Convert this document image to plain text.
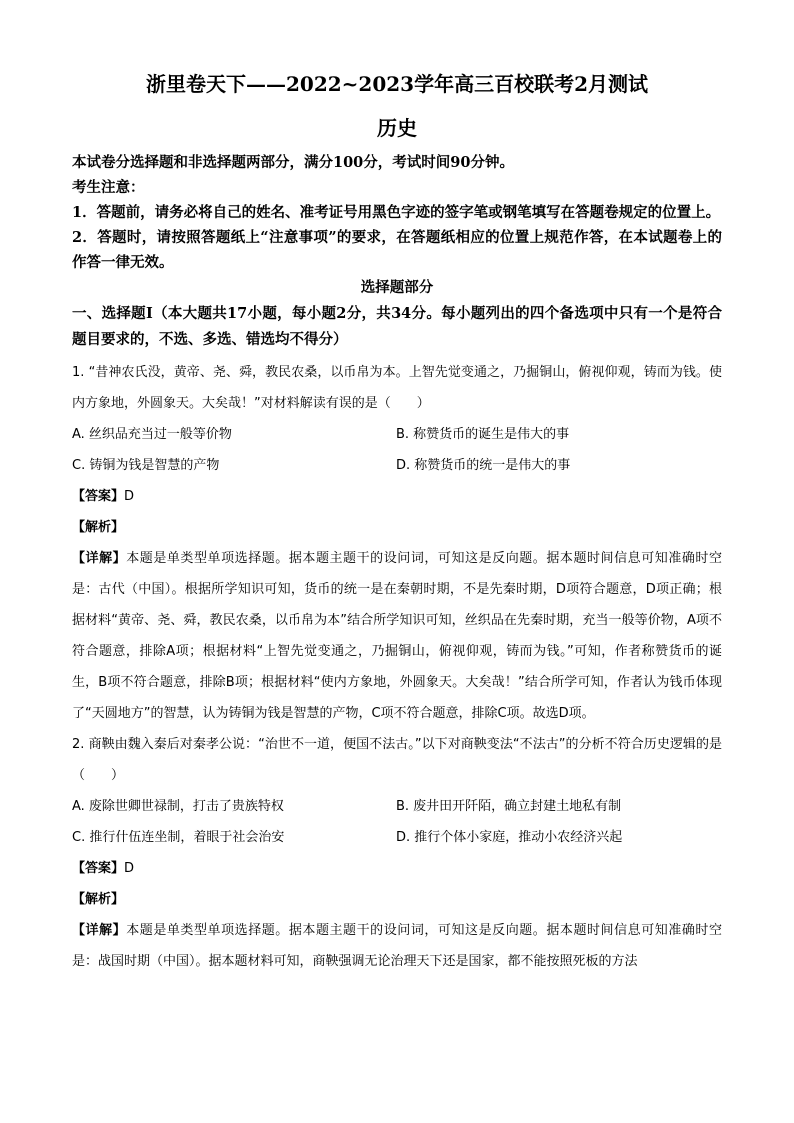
浙里卷天下——2022~2023学年高三百校联考2月测试
历史

本试卷分选择题和非选择题两部分，满分100分，考试时间90分钟。

考生注意：

1．答题前，请务必将自己的姓名、准考证号用黑色字迹的签字笔或钢笔填写在答题卷规定的位置上。

2．答题时，请按照答题纸上“注意事项”的要求，在答题纸相应的位置上规范作答，在本试题卷上的作答一律无效。

选择题部分

一、选择题Ⅰ（本大题共17小题，每小题2分，共34分。每小题列出的四个备选项中只有一个是符合题目要求的，不选、多选、错选均不得分）

1. “昔神农氏没，黄帝、尧、舜，教民农桑，以币帛为本。上智先觉变通之，乃掘铜山，俯视仰观，铸而为钱。使内方象地，外圆象天。大矣哉！”对材料解读有误的是（　　）

A. 丝织品充当过一般等价物	B. 称赞货币的诞生是伟大的事
C. 铸铜为钱是智慧的产物	D. 称赞货币的统一是伟大的事

【答案】D

【解析】

【详解】本题是单类型单项选择题。据本题主题干的设问词，可知这是反向题。据本题时间信息可知准确时空是：古代（中国）。根据所学知识可知，货币的统一是在秦朝时期，不是先秦时期，D项符合题意，D项正确；根据材料“黄帝、尧、舜，教民农桑，以币帛为本”结合所学知识可知，丝织品在先秦时期，充当一般等价物，A项不符合题意，排除A项；根据材料“上智先觉变通之，乃掘铜山，俯视仰观，铸而为钱。”可知，作者称赞货币的诞生，B项不符合题意，排除B项；根据材料“使内方象地，外圆象天。大矣哉！”结合所学可知，作者认为钱币体现了“天圆地方”的智慧，认为铸铜为钱是智慧的产物，C项不符合题意，排除C项。故选D项。

2. 商鞅由魏入秦后对秦孝公说：“治世不一道，便国不法古。”以下对商鞅变法“不法古”的分析不符合历史逻辑的是（　　）

A. 废除世卿世禄制，打击了贵族特权	B. 废井田开阡陌，确立封建土地私有制
C. 推行什伍连坐制，着眼于社会治安	D. 推行个体小家庭，推动小农经济兴起

【答案】D

【解析】

【详解】本题是单类型单项选择题。据本题主题干的设问词，可知这是反向题。据本题时间信息可知准确时空是：战国时期（中国）。据本题材料可知，商鞅强调无论治理天下还是国家，都不能按照死板的方法
